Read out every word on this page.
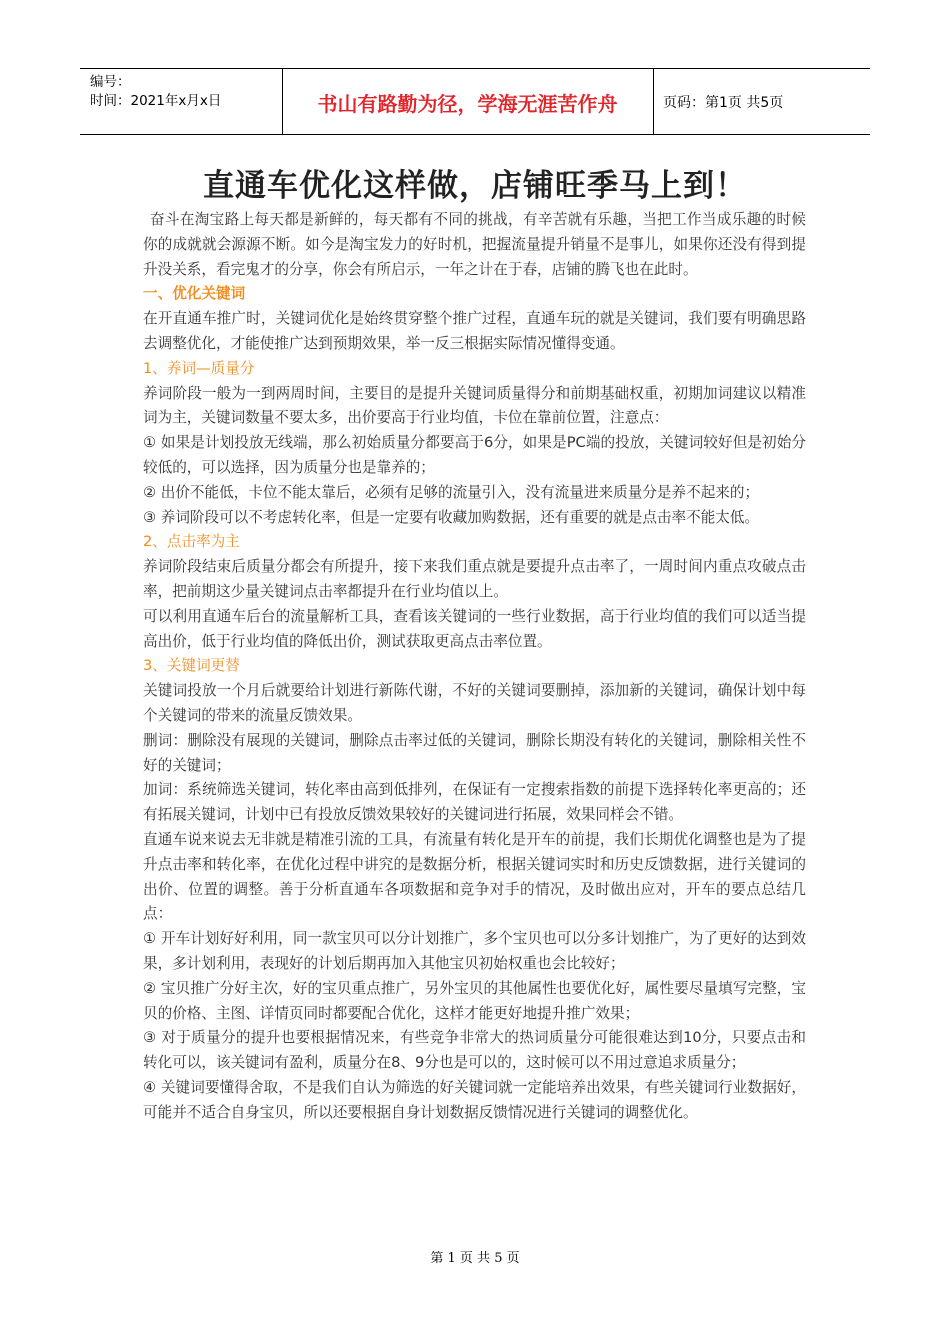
编号：
时间：2021年x月x日	书山有路勤为径，学海无涯苦作舟	页码：第1页 共5页
直通车优化这样做，店铺旺季马上到！

奋斗在淘宝路上每天都是新鲜的，每天都有不同的挑战，有辛苦就有乐趣，当把工作当成乐趣的时候你的成就就会源源不断。如今是淘宝发力的好时机，把握流量提升销量不是事儿，如果你还没有得到提升没关系，看完鬼才的分享，你会有所启示，一年之计在于春，店铺的腾飞也在此时。

一、优化关键词

在开直通车推广时，关键词优化是始终贯穿整个推广过程，直通车玩的就是关键词，我们要有明确思路去调整优化，才能使推广达到预期效果，举一反三根据实际情况懂得变通。

1、养词—质量分

养词阶段一般为一到两周时间，主要目的是提升关键词质量得分和前期基础权重，初期加词建议以精准词为主，关键词数量不要太多，出价要高于行业均值，卡位在靠前位置，注意点：

① 如果是计划投放无线端，那么初始质量分都要高于6分，如果是PC端的投放，关键词较好但是初始分较低的，可以选择，因为质量分也是靠养的；

② 出价不能低，卡位不能太靠后，必须有足够的流量引入，没有流量进来质量分是养不起来的；

③ 养词阶段可以不考虑转化率，但是一定要有收藏加购数据，还有重要的就是点击率不能太低。

2、点击率为主

养词阶段结束后质量分都会有所提升，接下来我们重点就是要提升点击率了，一周时间内重点攻破点击率，把前期这少量关键词点击率都提升在行业均值以上。

可以利用直通车后台的流量解析工具，查看该关键词的一些行业数据，高于行业均值的我们可以适当提高出价，低于行业均值的降低出价，测试获取更高点击率位置。

3、关键词更替

关键词投放一个月后就要给计划进行新陈代谢，不好的关键词要删掉，添加新的关键词，确保计划中每个关键词的带来的流量反馈效果。

删词：删除没有展现的关键词，删除点击率过低的关键词，删除长期没有转化的关键词，删除相关性不好的关键词；

加词：系统筛选关键词，转化率由高到低排列，在保证有一定搜索指数的前提下选择转化率更高的；还有拓展关键词，计划中已有投放反馈效果较好的关键词进行拓展，效果同样会不错。

直通车说来说去无非就是精准引流的工具，有流量有转化是开车的前提，我们长期优化调整也是为了提升点击率和转化率，在优化过程中讲究的是数据分析，根据关键词实时和历史反馈数据，进行关键词的出价、位置的调整。善于分析直通车各项数据和竞争对手的情况，及时做出应对，开车的要点总结几点：

① 开车计划好好利用，同一款宝贝可以分计划推广，多个宝贝也可以分多计划推广，为了更好的达到效果，多计划利用，表现好的计划后期再加入其他宝贝初始权重也会比较好；

② 宝贝推广分好主次，好的宝贝重点推广，另外宝贝的其他属性也要优化好，属性要尽量填写完整，宝贝的价格、主图、详情页同时都要配合优化，这样才能更好地提升推广效果；

③ 对于质量分的提升也要根据情况来，有些竞争非常大的热词质量分可能很难达到10分，只要点击和转化可以，该关键词有盈利，质量分在8、9分也是可以的，这时候可以不用过意追求质量分；

④ 关键词要懂得舍取，不是我们自认为筛选的好关键词就一定能培养出效果，有些关键词行业数据好，可能并不适合自身宝贝，所以还要根据自身计划数据反馈情况进行关键词的调整优化。

第 1 页 共 5 页
